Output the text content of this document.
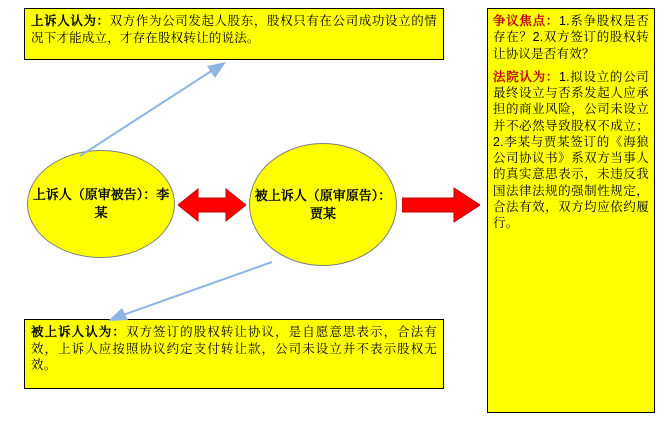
上诉人认为：双方作为公司发起人股东，股权只有在公司成功设立的情况下才能成立，才存在股权转让的说法。
被上诉人认为：双方签订的股权转让协议，是自愿意思表示，合法有效，上诉人应按照协议约定支付转让款，公司未设立并不表示股权无效。
争议焦点：1.系争股权是否存在？2.双方签订的股权转让协议是否有效？
法院认为：1.拟设立的公司最终设立与否系发起人应承担的商业风险，公司未设立并不必然导致股权不成立；2.李某与贾某签订的《海狼公司协议书》系双方当事人的真实意思表示，未违反我国法律法规的强制性规定，合法有效，双方均应依约履行。
上诉人（原审被告）：李某
被上诉人（原审原告）：贾某
